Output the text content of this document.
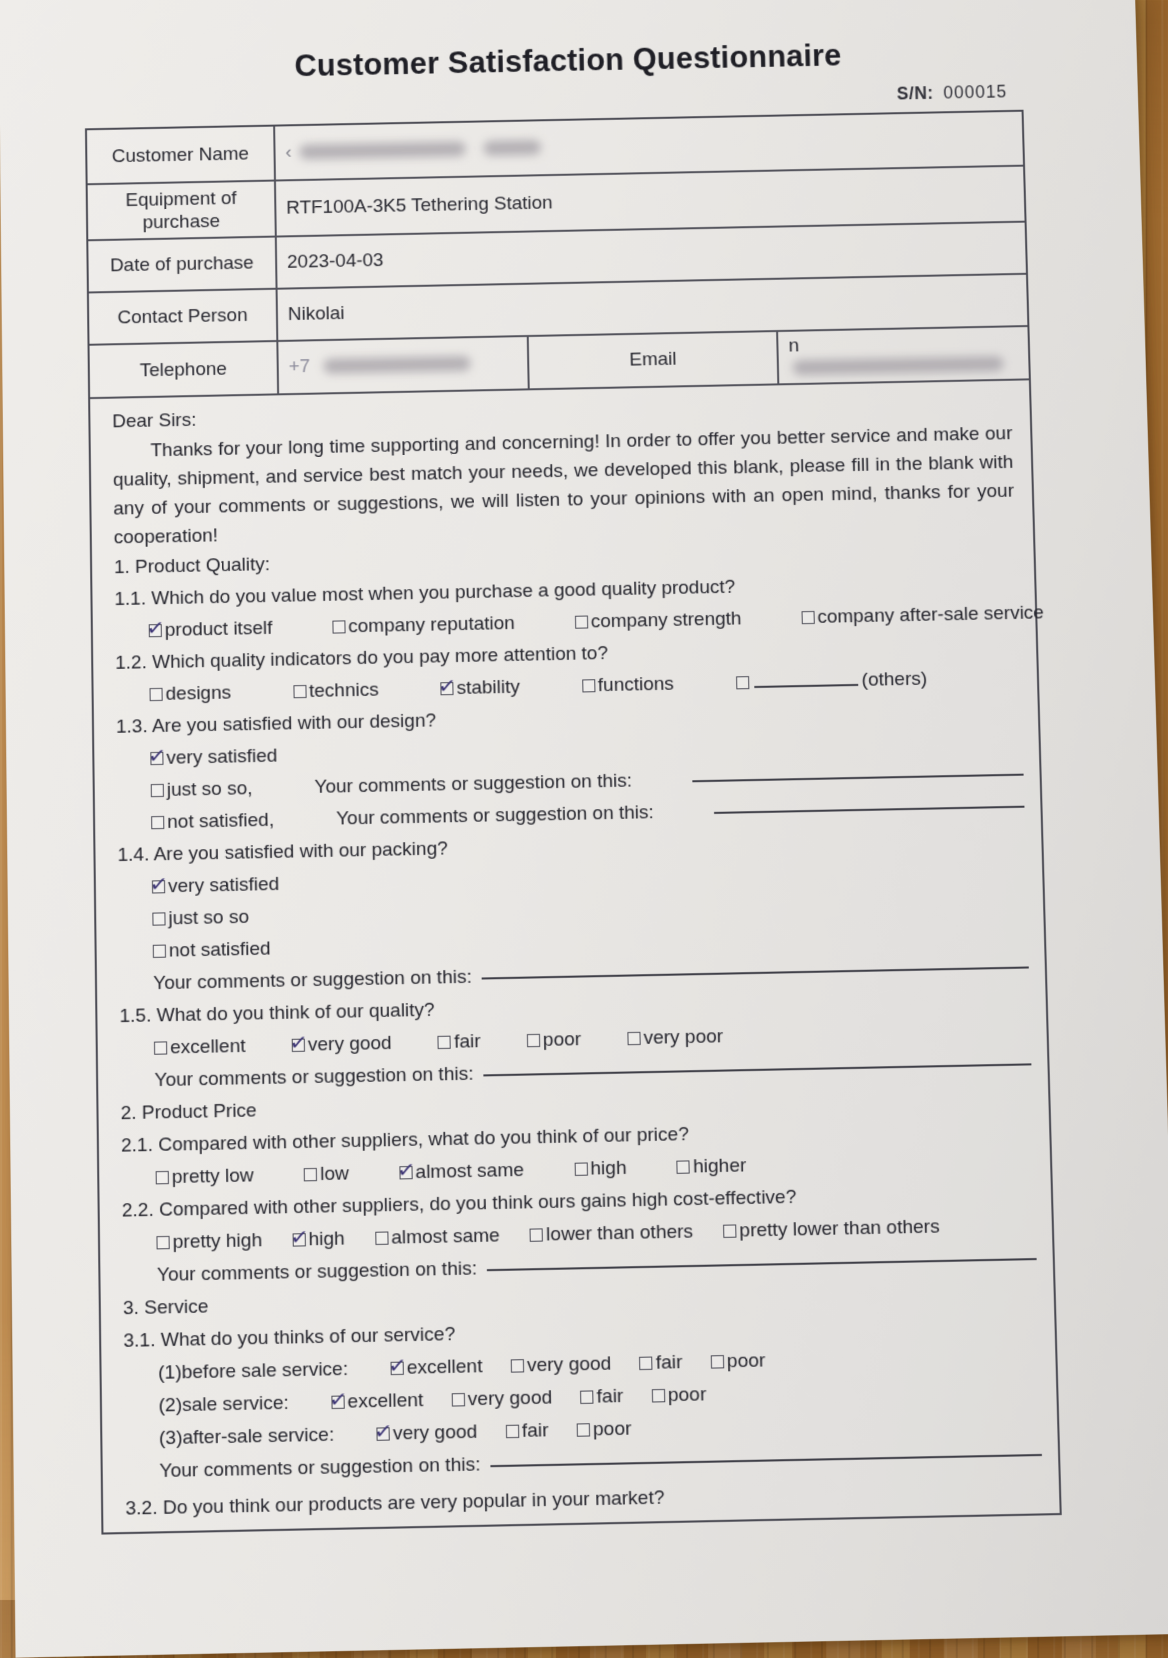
Customer Satisfaction Questionnaire
S/N: 000015
Customer Name	‹		
Equipment of purchase	RTF100A-3K5 Tethering Station		
Date of purchase	2023-04-03		
Contact Person	Nikolai		
Telephone	+7	Email	n
Dear Sirs:

Thanks for your long time supporting and concerning! In order to offer you better service and make our quality, shipment, and service best match your needs, we developed this blank, please fill in the blank with any of your comments or suggestions, we will listen to your opinions with an open mind, thanks for your cooperation!

1. Product Quality:
1.1. Which do you value most when you purchase a good quality product?
✓
product itself	company reputation	company strength	company after-sale service
1.2. Which quality indicators do you pay more attention to?
designs	technics ✓	stability	functions	(others)
1.3. Are you satisfied with our design?
✓
very satisfied
just so so,	Your comments or suggestion on this:
not satisfied,	Your comments or suggestion on this:
1.4. Are you satisfied with our packing?
✓
very satisfied
just so so
not satisfied
Your comments or suggestion on this:
1.5. What do you think of our quality?
excellent ✓	very good	fair	poor	very poor
Your comments or suggestion on this:
2. Product Price
2.1. Compared with other suppliers, what do you think of our price?
pretty low	low ✓	almost same	high	higher
2.2. Compared with other suppliers, do you think ours gains high cost-effective?
pretty high ✓ high almost same lower than others pretty lower than others
Your comments or suggestion on this:
3. Service
3.1. What do you thinks of our service?
(1)before sale service: ✓	excellent very good fair poor
(2)sale service: ✓	excellent very good fair poor
(3)after-sale service: ✓	very good fair poor
Your comments or suggestion on this:
3.2. Do you think our products are very popular in your market?
